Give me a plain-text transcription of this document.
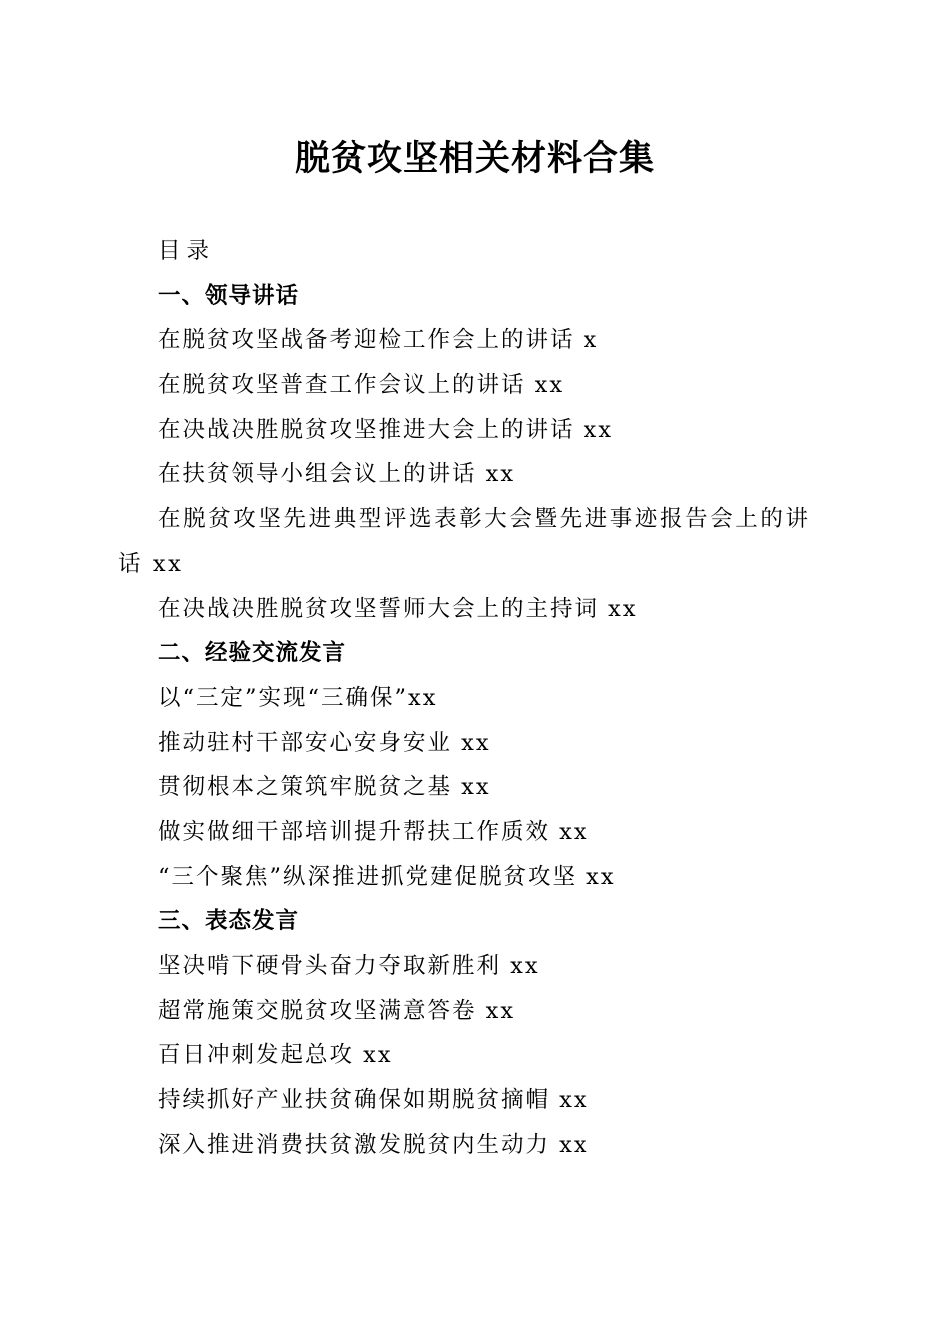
脱贫攻坚相关材料合集
目录
一、领导讲话
在脱贫攻坚战备考迎检工作会上的讲话 x
在脱贫攻坚普查工作会议上的讲话 xx
在决战决胜脱贫攻坚推进大会上的讲话 xx
在扶贫领导小组会议上的讲话 xx
在脱贫攻坚先进典型评选表彰大会暨先进事迹报告会上的讲话 xx
在决战决胜脱贫攻坚誓师大会上的主持词 xx
二、经验交流发言
以“三定”实现“三确保”xx
推动驻村干部安心安身安业 xx
贯彻根本之策筑牢脱贫之基 xx
做实做细干部培训提升帮扶工作质效 xx
“三个聚焦”纵深推进抓党建促脱贫攻坚 xx
三、表态发言
坚决啃下硬骨头奋力夺取新胜利 xx
超常施策交脱贫攻坚满意答卷 xx
百日冲刺发起总攻 xx
持续抓好产业扶贫确保如期脱贫摘帽 xx
深入推进消费扶贫激发脱贫内生动力 xx
